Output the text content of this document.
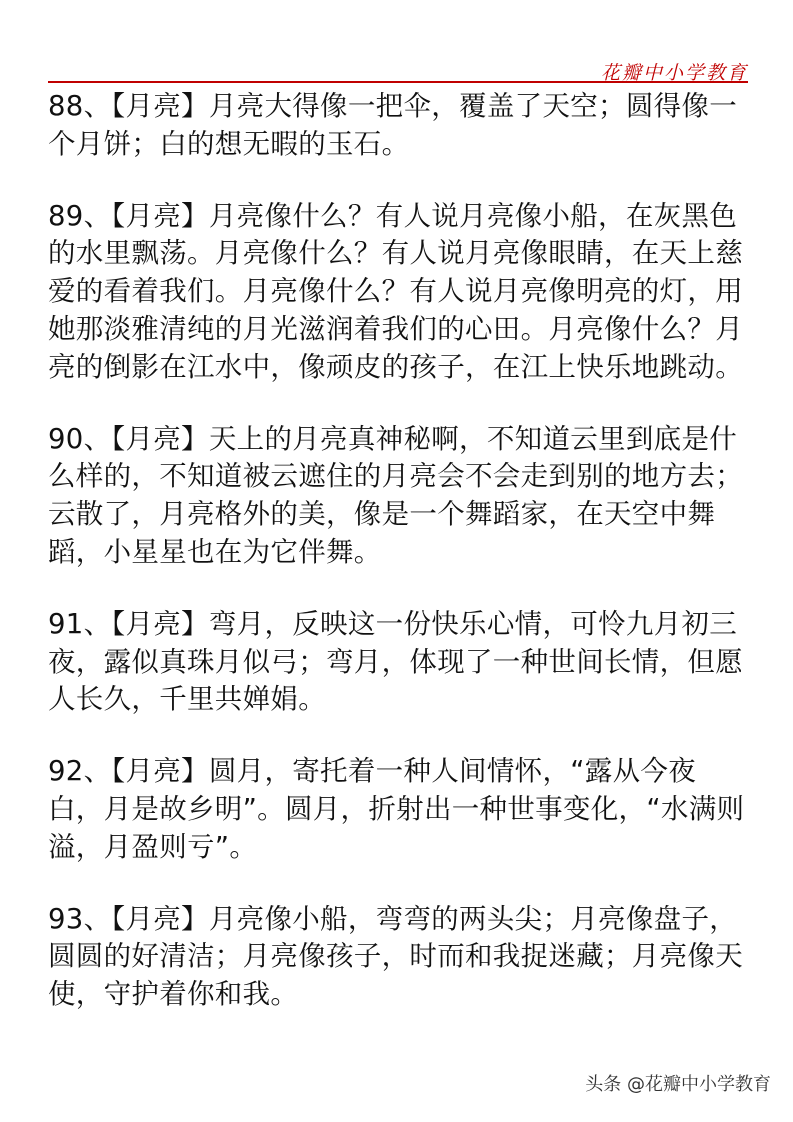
花瓣中小学教育

88、【月亮】月亮大得像一把伞，覆盖了天空；圆得像一个月饼；白的想无暇的玉石。

89、【月亮】月亮像什么？有人说月亮像小船，在灰黑色的水里飘荡。月亮像什么？有人说月亮像眼睛，在天上慈爱的看着我们。月亮像什么？有人说月亮像明亮的灯，用她那淡雅清纯的月光滋润着我们的心田。月亮像什么？月亮的倒影在江水中，像顽皮的孩子，在江上快乐地跳动。

90、【月亮】天上的月亮真神秘啊，不知道云里到底是什么样的，不知道被云遮住的月亮会不会走到别的地方去；云散了，月亮格外的美，像是一个舞蹈家，在天空中舞蹈，小星星也在为它伴舞。

91、【月亮】弯月，反映这一份快乐心情，可怜九月初三夜，露似真珠月似弓；弯月，体现了一种世间长情，但愿人长久，千里共婵娟。

92、【月亮】圆月，寄托着一种人间情怀，“露从今夜白，月是故乡明”。圆月，折射出一种世事变化，“水满则溢，月盈则亏”。

93、【月亮】月亮像小船，弯弯的两头尖；月亮像盘子，圆圆的好清洁；月亮像孩子，时而和我捉迷藏；月亮像天使，守护着你和我。

头条 @花瓣中小学教育
